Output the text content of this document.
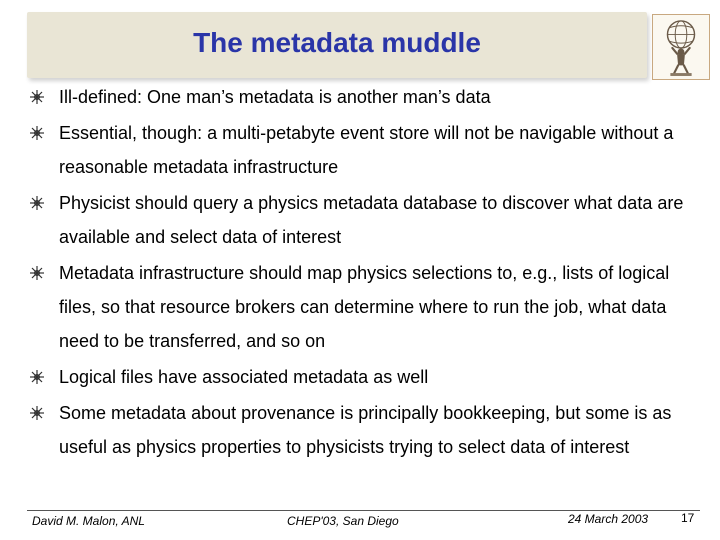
The metadata muddle
Ill-defined: One man’s metadata is another man’s data
Essential, though: a multi-petabyte event store will not be navigable without a reasonable metadata infrastructure
Physicist should query a physics metadata database to discover what data are available and select data of interest
Metadata infrastructure should map physics selections to, e.g., lists of logical files, so that resource brokers can determine where to run the job, what data need to be transferred, and so on
Logical files have associated metadata as well
Some metadata about provenance is principally bookkeeping, but some is as useful as physics properties to physicists trying to select data of interest
David M. Malon, ANL	CHEP'03, San Diego	24 March 2003	17
